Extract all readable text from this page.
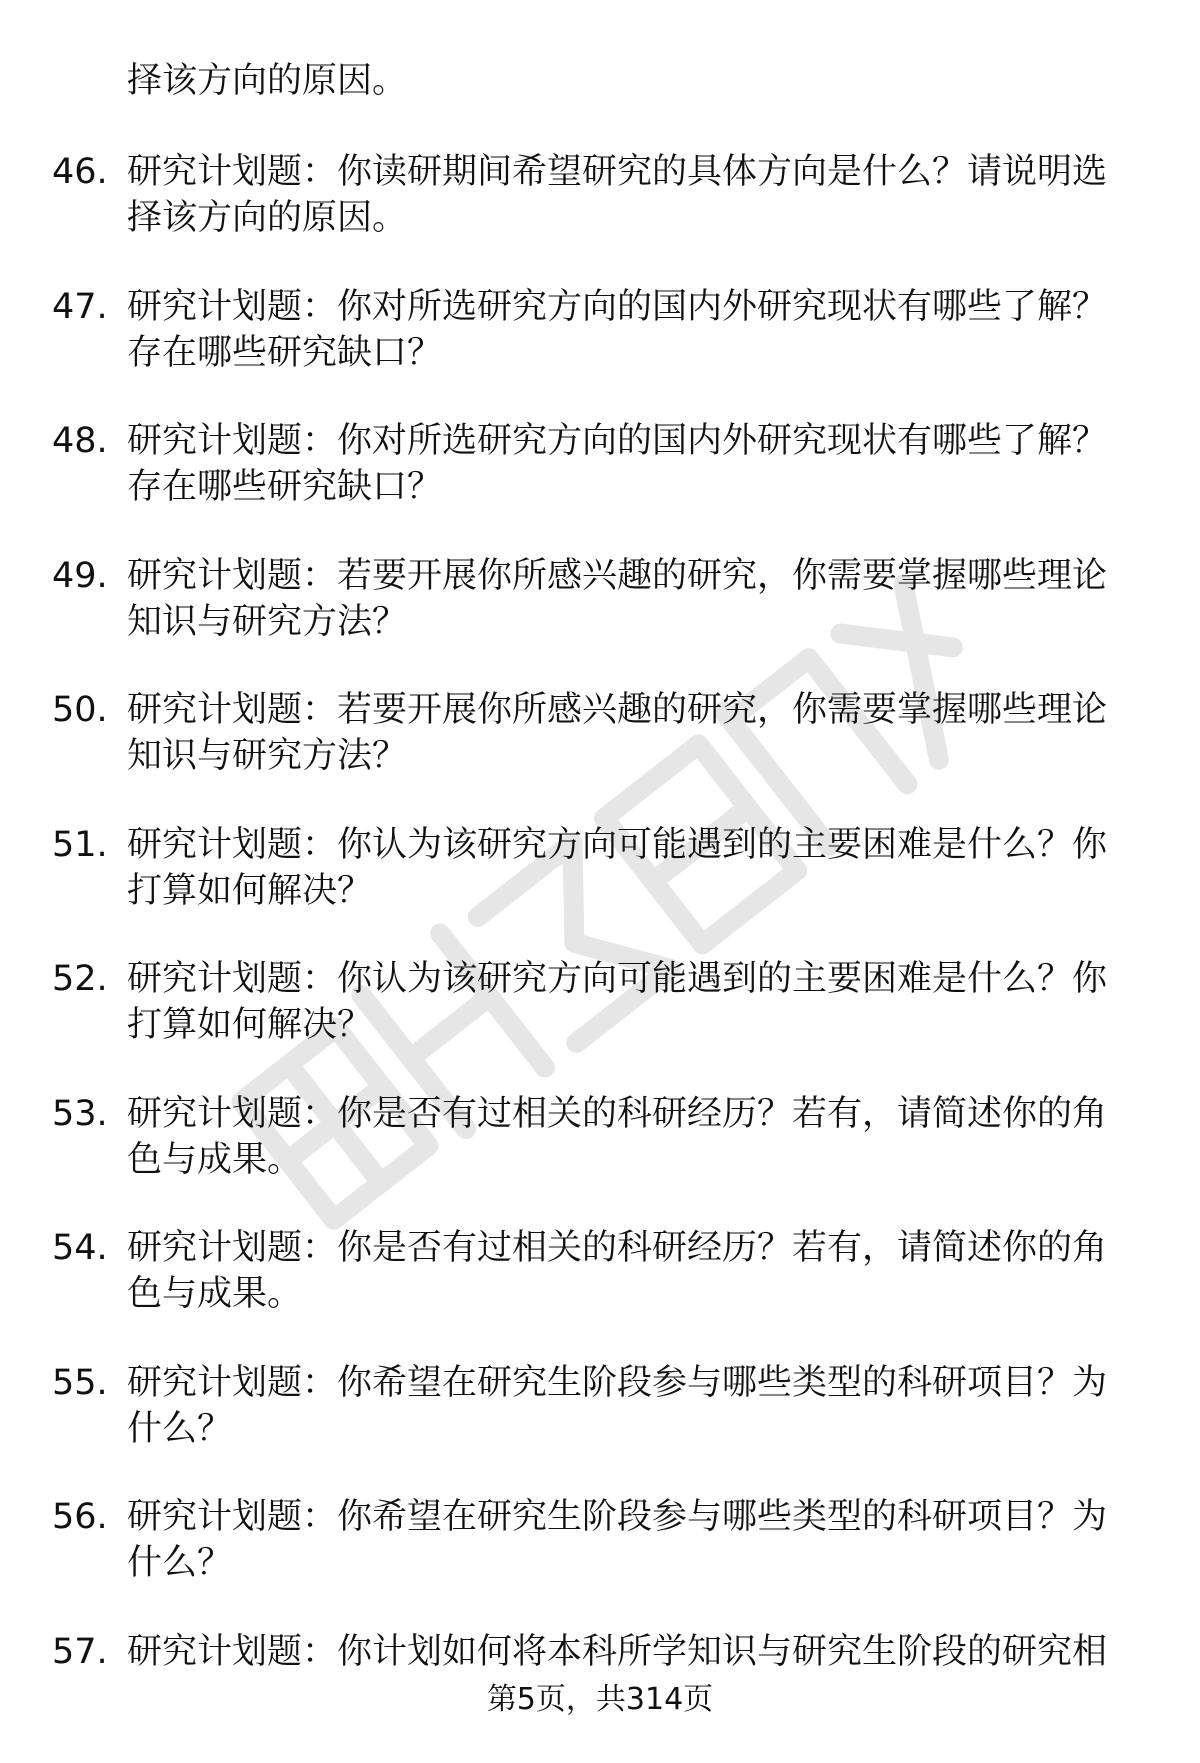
择该方向的原因。
46. 研究计划题：你读研期间希望研究的具体方向是什么？请说明选
择该方向的原因。
47. 研究计划题：你对所选研究方向的国内外研究现状有哪些了解？
存在哪些研究缺口？
48. 研究计划题：你对所选研究方向的国内外研究现状有哪些了解？
存在哪些研究缺口？
49. 研究计划题：若要开展你所感兴趣的研究，你需要掌握哪些理论
知识与研究方法？
50. 研究计划题：若要开展你所感兴趣的研究，你需要掌握哪些理论
知识与研究方法？
51. 研究计划题：你认为该研究方向可能遇到的主要困难是什么？你
打算如何解决？
52. 研究计划题：你认为该研究方向可能遇到的主要困难是什么？你
打算如何解决？
53. 研究计划题：你是否有过相关的科研经历？若有，请简述你的角
色与成果。
54. 研究计划题：你是否有过相关的科研经历？若有，请简述你的角
色与成果。
55. 研究计划题：你希望在研究生阶段参与哪些类型的科研项目？为
什么？
56. 研究计划题：你希望在研究生阶段参与哪些类型的科研项目？为
什么？
57. 研究计划题：你计划如何将本科所学知识与研究生阶段的研究相
第5页，共314页
